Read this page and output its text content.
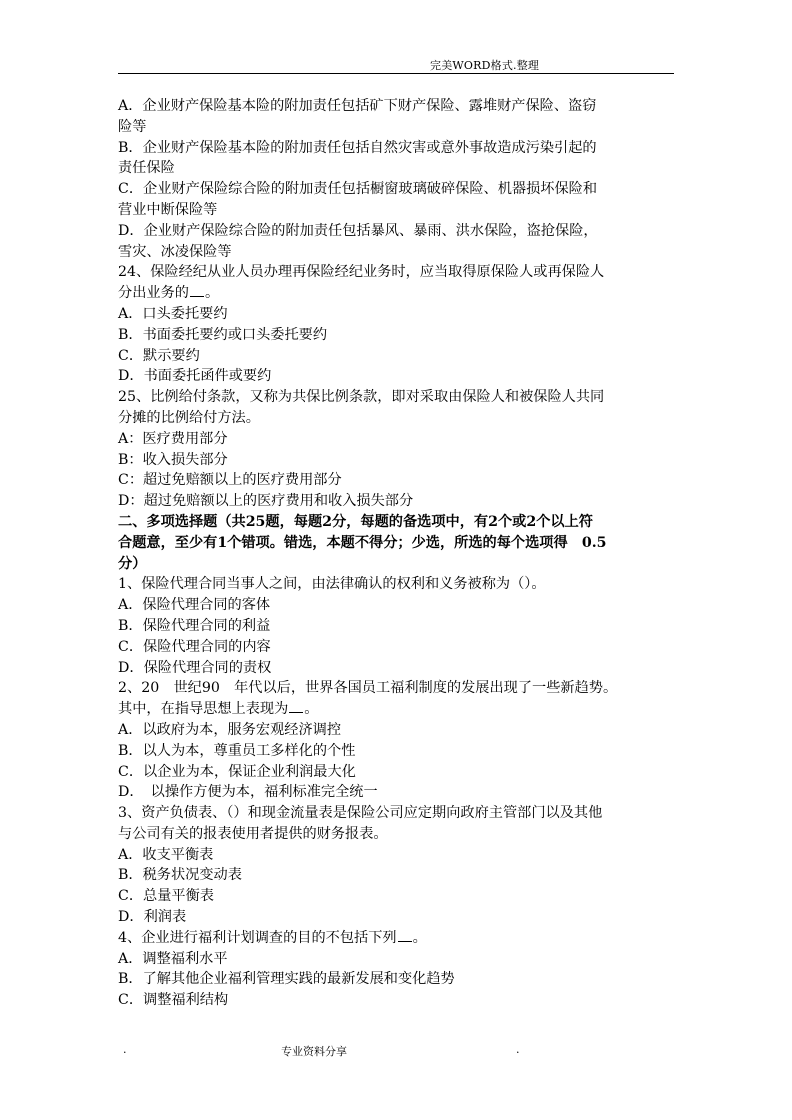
完美WORD格式.整理
A．企业财产保险基本险的附加责任包括矿下财产保险、露堆财产保险、盗窃
险等
B．企业财产保险基本险的附加责任包括自然灾害或意外事故造成污染引起的
责任保险
C．企业财产保险综合险的附加责任包括橱窗玻璃破碎保险、机器损坏保险和
营业中断保险等
D．企业财产保险综合险的附加责任包括暴风、暴雨、洪水保险，盗抢保险，
雪灾、冰凌保险等
24、保险经纪从业人员办理再保险经纪业务时，应当取得原保险人或再保险人
分出业务的 。
A．口头委托要约
B．书面委托要约或口头委托要约
C．默示要约
D．书面委托函件或要约
25、比例给付条款，又称为共保比例条款，即对采取由保险人和被保险人共同
分摊的比例给付方法。
A：医疗费用部分
B：收入损失部分
C：超过免赔额以上的医疗费用部分
D：超过免赔额以上的医疗费用和收入损失部分
二、多项选择题（共25题，每题2分，每题的备选项中，有2个或2个以上符
合题意，至少有1个错项。错选，本题不得分；少选，所选的每个选项得　0.5
分）
1、保险代理合同当事人之间，由法律确认的权利和义务被称为（）。
A．保险代理合同的客体
B．保险代理合同的利益
C．保险代理合同的内容
D．保险代理合同的责权
2、20　世纪90　年代以后，世界各国员工福利制度的发展出现了一些新趋势。
其中，在指导思想上表现为 。
A．以政府为本，服务宏观经济调控
B．以人为本，尊重员工多样化的个性
C．以企业为本，保证企业利润最大化
D．　以操作方便为本，福利标准完全统一
3、资产负债表、（）和现金流量表是保险公司应定期向政府主管部门以及其他
与公司有关的报表使用者提供的财务报表。
A．收支平衡表
B．税务状况变动表
C．总量平衡表
D．利润表
4、企业进行福利计划调查的目的不包括下列 。
A．调整福利水平
B．了解其他企业福利管理实践的最新发展和变化趋势
C．调整福利结构
.	专业资料分享	.
